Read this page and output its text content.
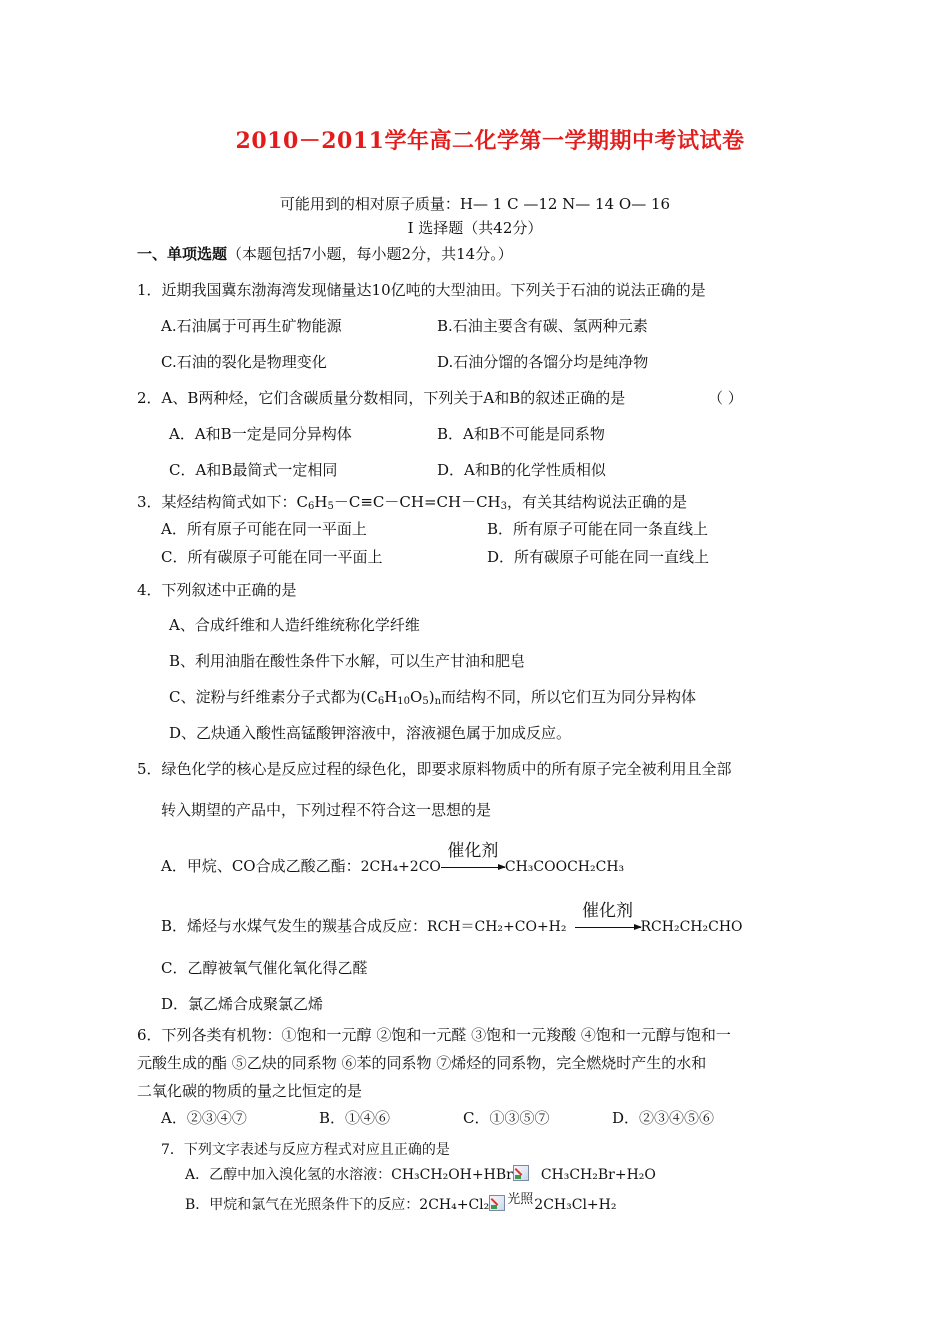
2010－2011学年高二化学第一学期期中考试试卷
可能用到的相对原子质量：H— 1 C —12 N— 14 O— 16
Ⅰ 选择题（共42分）
一、单项选题（本题包括7小题，每小题2分，共14分。）
1．近期我国冀东渤海湾发现储量达10亿吨的大型油田。下列关于石油的说法正确的是
A.石油属于可再生矿物能源	B.石油主要含有碳、氢两种元素
C.石油的裂化是物理变化	D.石油分馏的各馏分均是纯净物
2．A、B两种烃，它们含碳质量分数相同，下列关于A和B的叙述正确的是	（ ）
A．A和B一定是同分异构体	B．A和B不可能是同系物
C．A和B最简式一定相同	D．A和B的化学性质相似
3．某烃结构简式如下：$C_6H_5-C\equiv C-CH=CH-CH_3$，有关其结构说法正确的是
A．所有原子可能在同一平面上	B．所有原子可能在同一条直线上
C．所有碳原子可能在同一平面上	D．所有碳原子可能在同一直线上
4．下列叙述中正确的是
A、合成纤维和人造纤维统称化学纤维
B、利用油脂在酸性条件下水解，可以生产甘油和肥皂
C、淀粉与纤维素分子式都为$(C_6H_{10}O_5)_n$而结构不同，所以它们互为同分异构体
D、乙炔通入酸性高锰酸钾溶液中，溶液褪色属于加成反应。
5．绿色化学的核心是反应过程的绿色化，即要求原料物质中的所有原子完全被利用且全部
转入期望的产品中，下列过程不符合这一思想的是
A．甲烷、CO合成乙酸乙酯：2CH₄+2CO
催化剂
CH₃COOCH₂CH₃
B．烯烃与水煤气发生的羰基合成反应：RCH＝CH₂+CO+H₂
催化剂
RCH₂CH₂CHO
C．乙醇被氧气催化氧化得乙醛
D．氯乙烯合成聚氯乙烯
6．下列各类有机物：①饱和一元醇 ②饱和一元醛 ③饱和一元羧酸 ④饱和一元醇与饱和一
元酸生成的酯 ⑤乙炔的同系物 ⑥苯的同系物 ⑦烯烃的同系物，完全燃烧时产生的水和
二氧化碳的物质的量之比恒定的是
A．②③④⑦	B．①④⑥	C．①③⑤⑦	D．②③④⑤⑥
7．下列文字表述与反应方程式对应且正确的是
A．乙醇中加入溴化氢的水溶液：CH₃CH₂OH+HBr CH₃CH₂Br+H₂O
B．甲烷和氯气在光照条件下的反应：2CH₄+Cl₂ 光照2CH₃Cl+H₂
